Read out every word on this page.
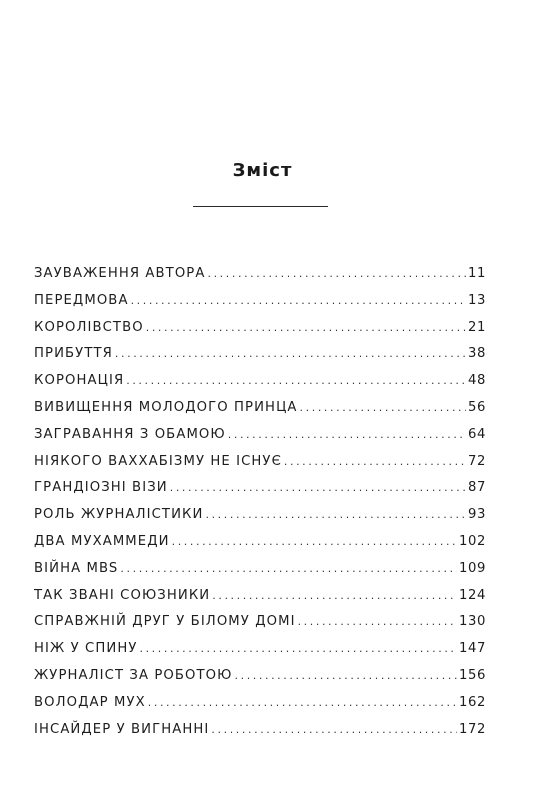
Зміст
ЗАУВАЖЕННЯ АВТОРА .....	11
ПЕРЕДМОВА .....	13
КОРОЛІВСТВО .....	21
ПРИБУТТЯ .....	38
КОРОНАЦІЯ .....	48
ВИВИЩЕННЯ МОЛОДОГО ПРИНЦА .....	56
ЗАГРАВАННЯ З ОБАМОЮ .....	64
НІЯКОГО ВАХХАБІЗМУ НЕ ІСНУЄ .....	72
ГРАНДІОЗНІ ВІЗИ .....	87
РОЛЬ ЖУРНАЛІСТИКИ .....	93
ДВА МУХАММЕДИ .....	102
ВІЙНА MBS .....	109
ТАК ЗВАНІ СОЮЗНИКИ .....	124
СПРАВЖНІЙ ДРУГ У БІЛОМУ ДОМІ .....	130
НІЖ У СПИНУ .....	147
ЖУРНАЛІСТ ЗА РОБОТОЮ .....	156
ВОЛОДАР МУХ .....	162
ІНСАЙДЕР У ВИГНАННІ .....	172
